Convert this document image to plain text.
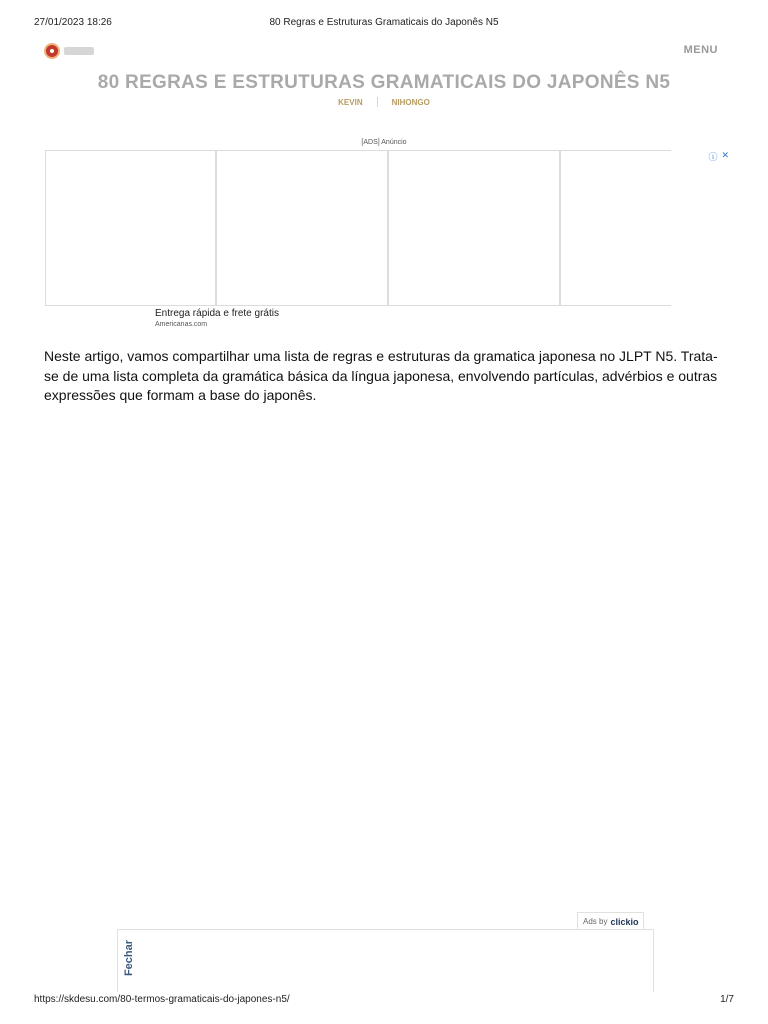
27/01/2023 18:26	80 Regras e Estruturas Gramaticais do Japonês N5
MENU
80 REGRAS E ESTRUTURAS GRAMATICAIS DO JAPONÊS N5
KEVIN	NIHONGO
[ADS] Anúncio
ⓘ ✕
Entrega rápida e frete grátis
Americanas.com

Neste artigo, vamos compartilhar uma lista de regras e estruturas da gramatica japonesa no JLPT N5. Trata-se de uma lista completa da gramática básica da língua japonesa, envolvendo partículas, advérbios e outras expressões que formam a base do japonês.

Ads by clickio
Fechar
https://skdesu.com/80-termos-gramaticais-do-japones-n5/	1/7
